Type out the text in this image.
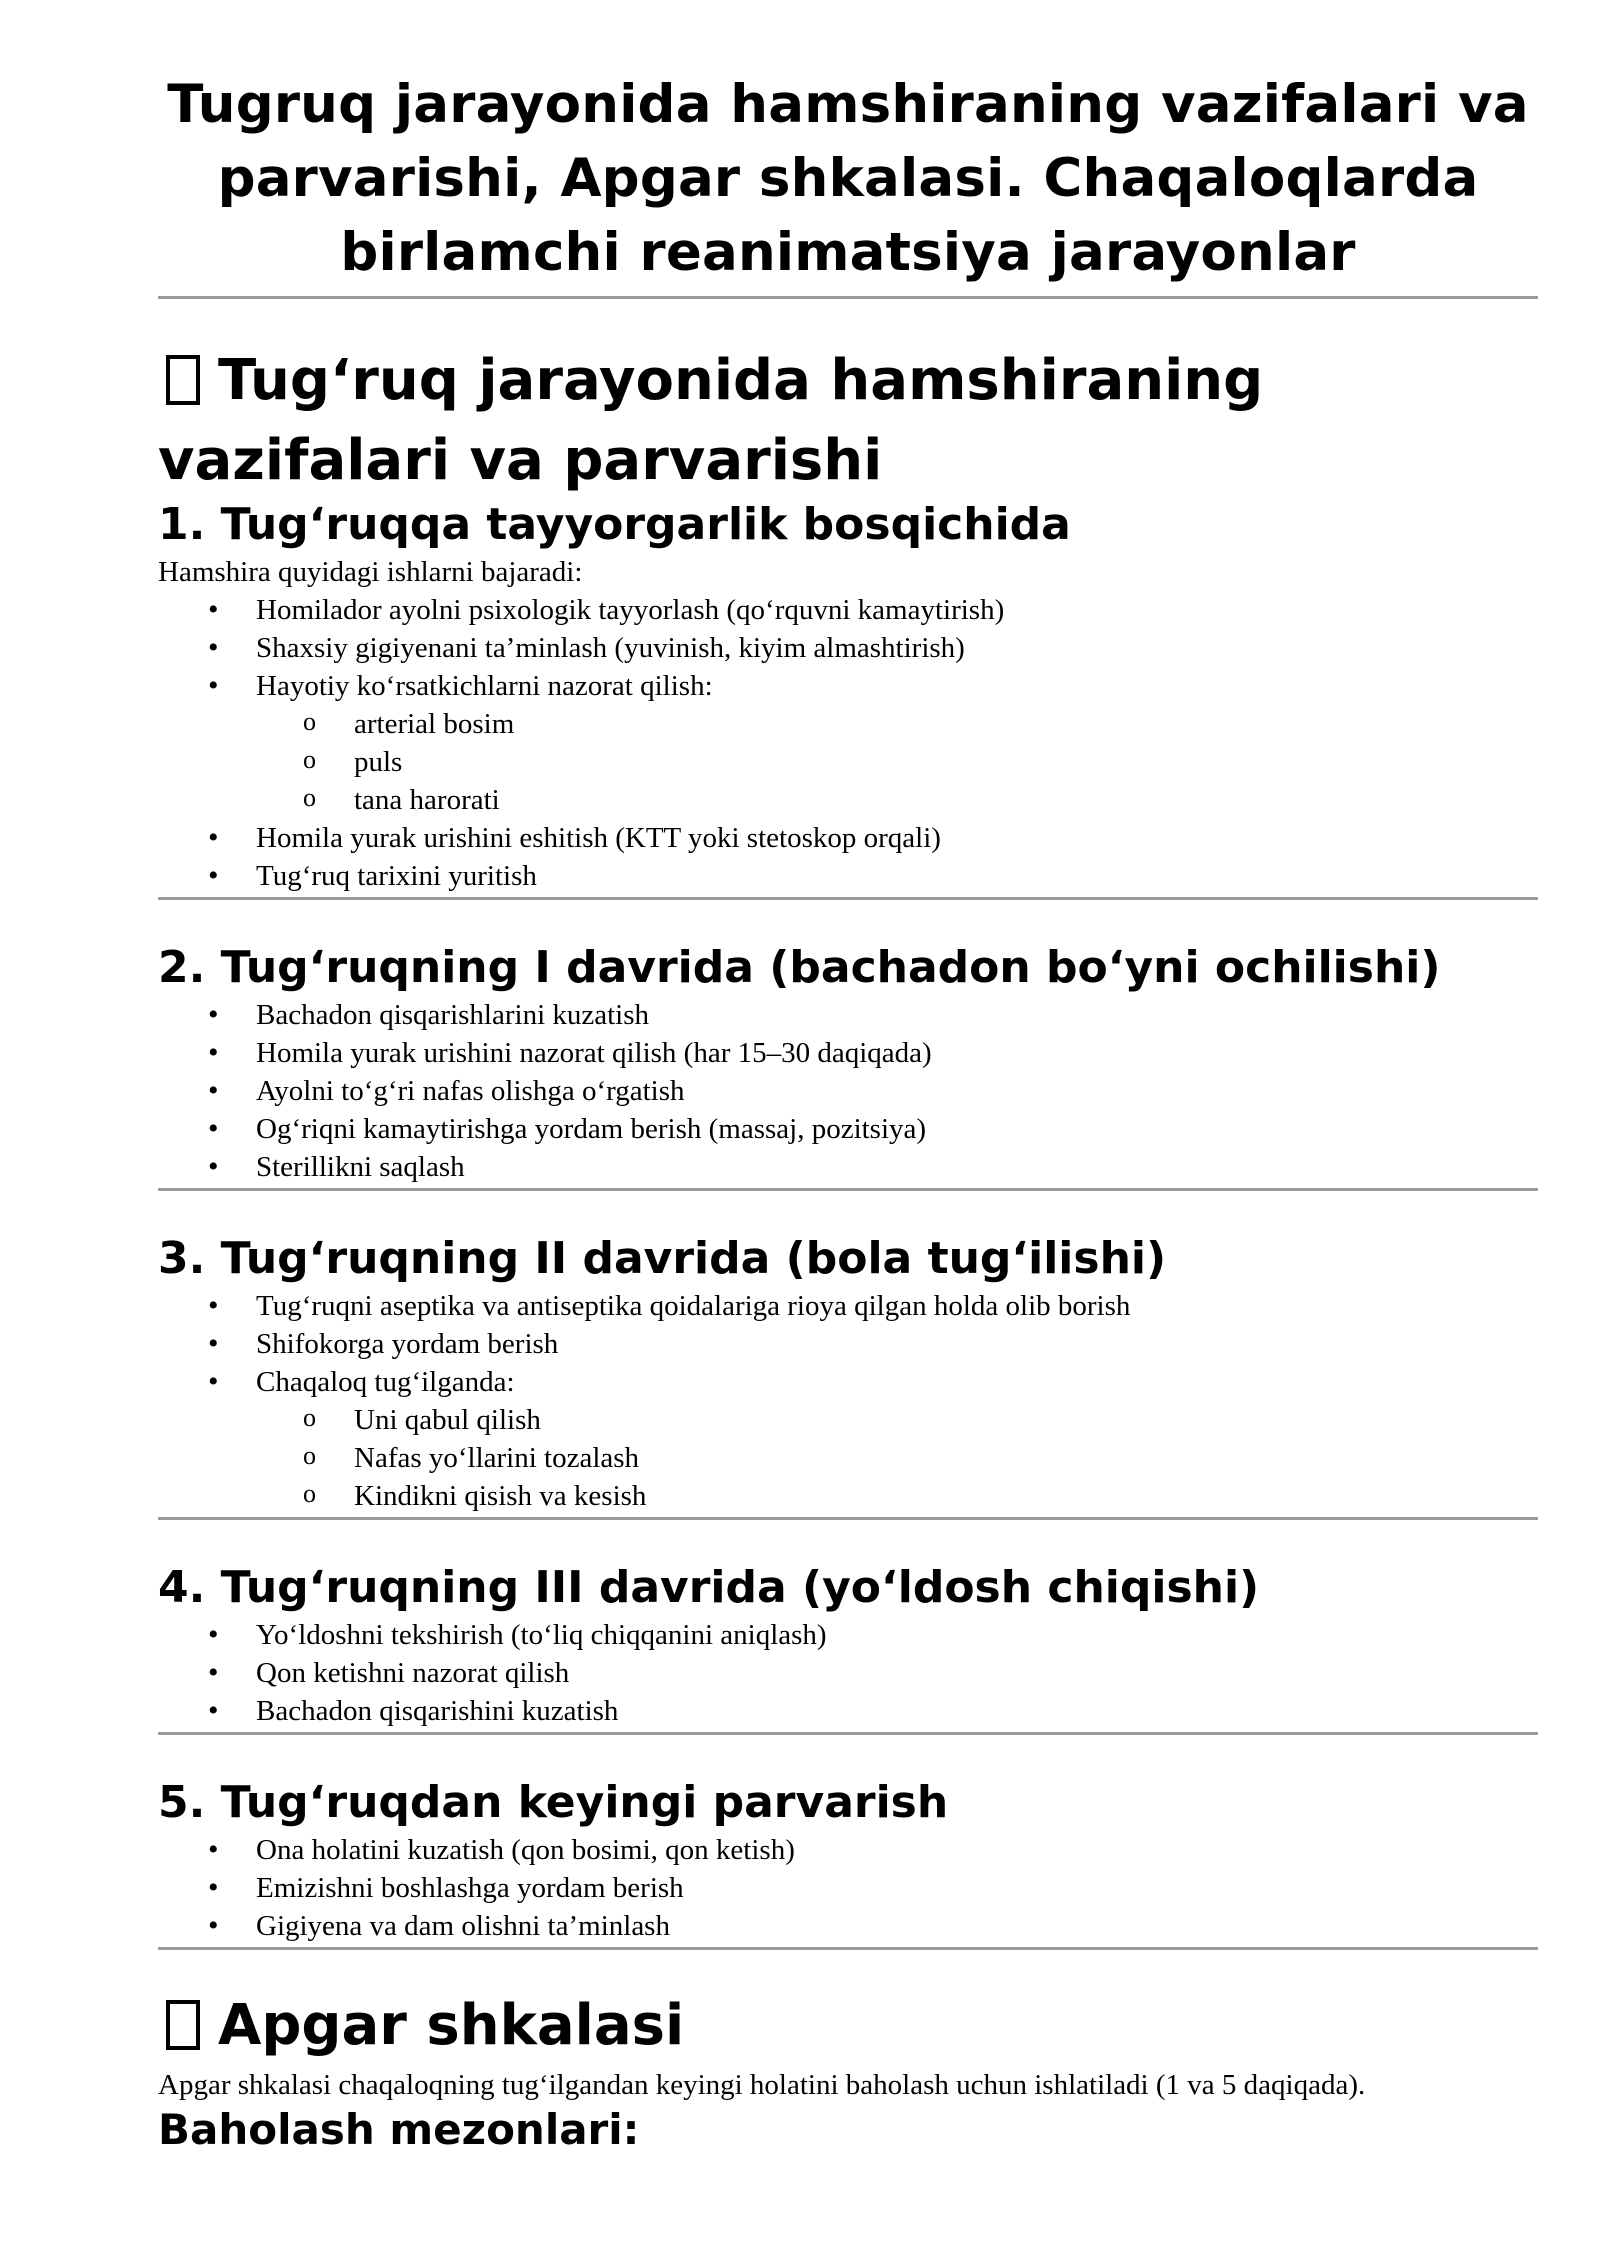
Tugruq jarayonida hamshiraning vazifalari va parvarishi, Apgar shkalasi. Chaqaloqlarda birlamchi reanimatsiya jarayonlar
Tug‘ruq jarayonida hamshiraning vazifalari va parvarishi
1. Tug‘ruqqa tayyorgarlik bosqichida

Hamshira quyidagi ishlarni bajaradi:

• Homilador ayolni psixologik tayyorlash (qo‘rquvni kamaytirish)
• Shaxsiy gigiyenani ta’minlash (yuvinish, kiyim almashtirish)
• Hayotiy ko‘rsatkichlarni nazorat qilish:
o arterial bosim
o puls
o tana harorati
• Homila yurak urishini eshitish (KTT yoki stetoskop orqali)
• Tug‘ruq tarixini yuritish
2. Tug‘ruqning I davrida (bachadon bo‘yni ochilishi)
• Bachadon qisqarishlarini kuzatish
• Homila yurak urishini nazorat qilish (har 15–30 daqiqada)
• Ayolni to‘g‘ri nafas olishga o‘rgatish
• Og‘riqni kamaytirishga yordam berish (massaj, pozitsiya)
• Sterillikni saqlash
3. Tug‘ruqning II davrida (bola tug‘ilishi)
• Tug‘ruqni aseptika va antiseptika qoidalariga rioya qilgan holda olib borish
• Shifokorga yordam berish
• Chaqaloq tug‘ilganda:
o Uni qabul qilish
o Nafas yo‘llarini tozalash
o Kindikni qisish va kesish
4. Tug‘ruqning III davrida (yo‘ldosh chiqishi)
• Yo‘ldoshni tekshirish (to‘liq chiqqanini aniqlash)
• Qon ketishni nazorat qilish
• Bachadon qisqarishini kuzatish
5. Tug‘ruqdan keyingi parvarish
• Ona holatini kuzatish (qon bosimi, qon ketish)
• Emizishni boshlashga yordam berish
• Gigiyena va dam olishni ta’minlash
Apgar shkalasi

Apgar shkalasi chaqaloqning tug‘ilgandan keyingi holatini baholash uchun ishlatiladi (1 va 5 daqiqada).

Baholash mezonlari:
